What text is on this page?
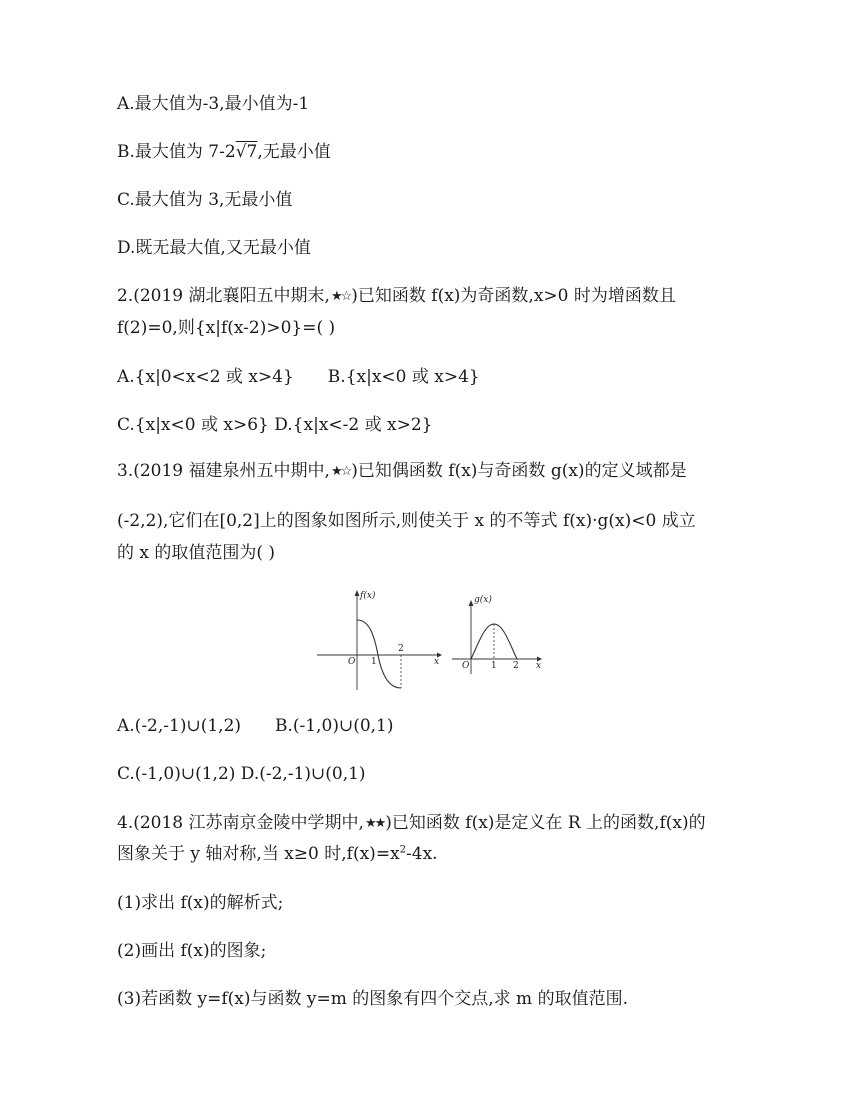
A.最大值为-3,最小值为-1
B.最大值为 7-2√7,无最小值
C.最大值为 3,无最小值
D.既无最大值,又无最小值
2.(2019 湖北襄阳五中期末,★☆)已知函数 f(x)为奇函数,x>0 时为增函数且
f(2)=0,则{x|f(x-2)>0}=( )
A.{x|0<x<2 或 x>4} B.{x|x<0 或 x>4}
C.{x|x<0 或 x>6} D.{x|x<-2 或 x>2}
3.(2019 福建泉州五中期中,★☆)已知偶函数 f(x)与奇函数 g(x)的定义域都是
(-2,2),它们在[0,2]上的图象如图所示,则使关于 x 的不等式 f(x)·g(x)<0 成立
的 x 的取值范围为( )
f(x)
O 1
2
x
g(x)
O 1 2 x
A.(-2,-1)∪(1,2) B.(-1,0)∪(0,1)
C.(-1,0)∪(1,2) D.(-2,-1)∪(0,1)
4.(2018 江苏南京金陵中学期中,★★)已知函数 f(x)是定义在 R 上的函数,f(x)的
图象关于 y 轴对称,当 x≥0 时$,f(x)=x^2-4x$.
(1)求出 f(x)的解析式;
(2)画出 f(x)的图象;
(3)若函数 y=f(x)与函数 y=m 的图象有四个交点,求 m 的取值范围.
